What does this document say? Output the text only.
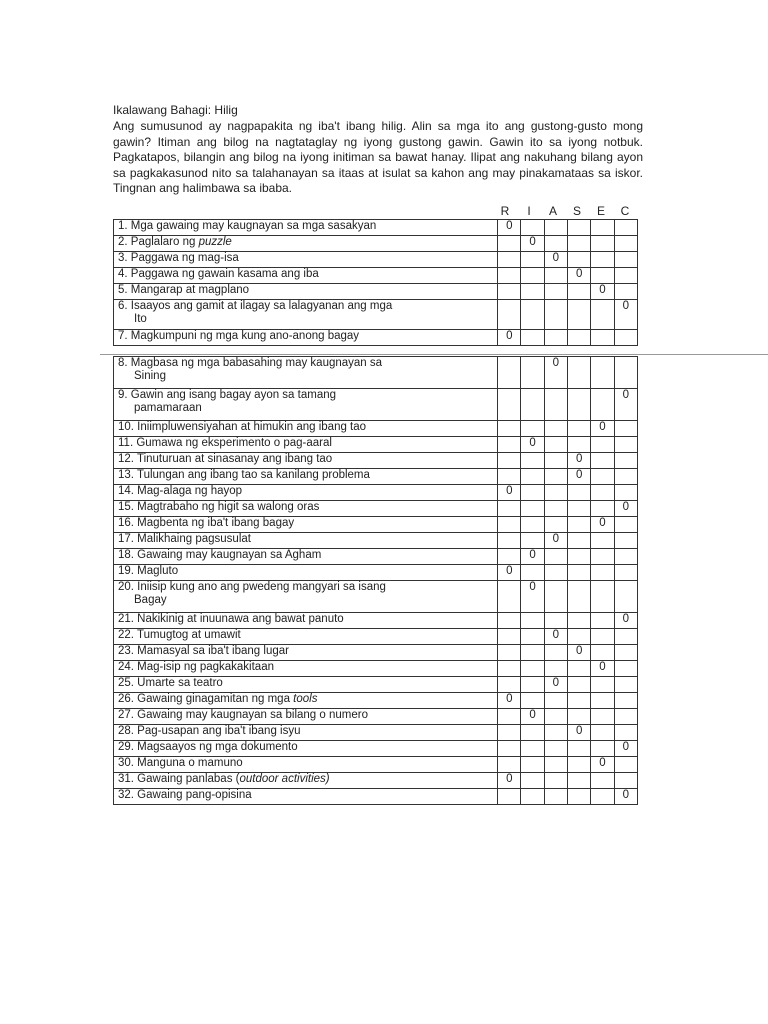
Ikalawang Bahagi: Hilig

Ang sumusunod ay nagpapakita ng iba't ibang hilig. Alin sa mga ito ang gustong-gusto mong gawin? Itiman ang bilog na nagtataglay ng iyong gustong gawin. Gawin ito sa iyong notbuk. Pagkatapos, bilangin ang bilog na iyong initiman sa bawat hanay. Ilipat ang nakuhang bilang ayon sa pagkakasunod nito sa talahanayan sa itaas at isulat sa kahon ang may pinakamataas sa iskor. Tingnan ang halimbawa sa ibaba.

R	I	A	S	E	C
1. Mga gawaing may kaugnayan sa mga sasakyan	0					
2. Paglalaro ng puzzle		0				
3. Paggawa ng mag-isa			0			
4. Paggawa ng gawain kasama ang iba				0		
5. Mangarap at magplano					0	
6. Isaayos ang gamit at ilagay sa lalagyanan ang mga
Ito						0
7. Magkumpuni ng mga kung ano-anong bagay	0					
8. Magbasa ng mga babasahing may kaugnayan sa
Sining			0			
9. Gawin ang isang bagay ayon sa tamang
pamamaraan						0
10. Iniimpluwensiyahan at himukin ang ibang tao					0	
11. Gumawa ng eksperimento o pag-aaral		0				
12. Tinuturuan at sinasanay ang ibang tao				0		
13. Tulungan ang ibang tao sa kanilang problema				0		
14. Mag-alaga ng hayop	0					
15. Magtrabaho ng higit sa walong oras						0
16. Magbenta ng iba't ibang bagay					0	
17. Malikhaing pagsusulat			0			
18. Gawaing may kaugnayan sa Agham		0				
19. Magluto	0					
20. Iniisip kung ano ang pwedeng mangyari sa isang
Bagay		0				
21. Nakikinig at inuunawa ang bawat panuto						0
22. Tumugtog at umawit			0			
23. Mamasyal sa iba't ibang lugar				0		
24. Mag-isip ng pagkakakitaan					0	
25. Umarte sa teatro			0			
26. Gawaing ginagamitan ng mga tools	0					
27. Gawaing may kaugnayan sa bilang o numero		0				
28. Pag-usapan ang iba't ibang isyu				0		
29. Magsaayos ng mga dokumento						0
30. Manguna o mamuno					0	
31. Gawaing panlabas (outdoor activities)	0					
32. Gawaing pang-opisina						0
